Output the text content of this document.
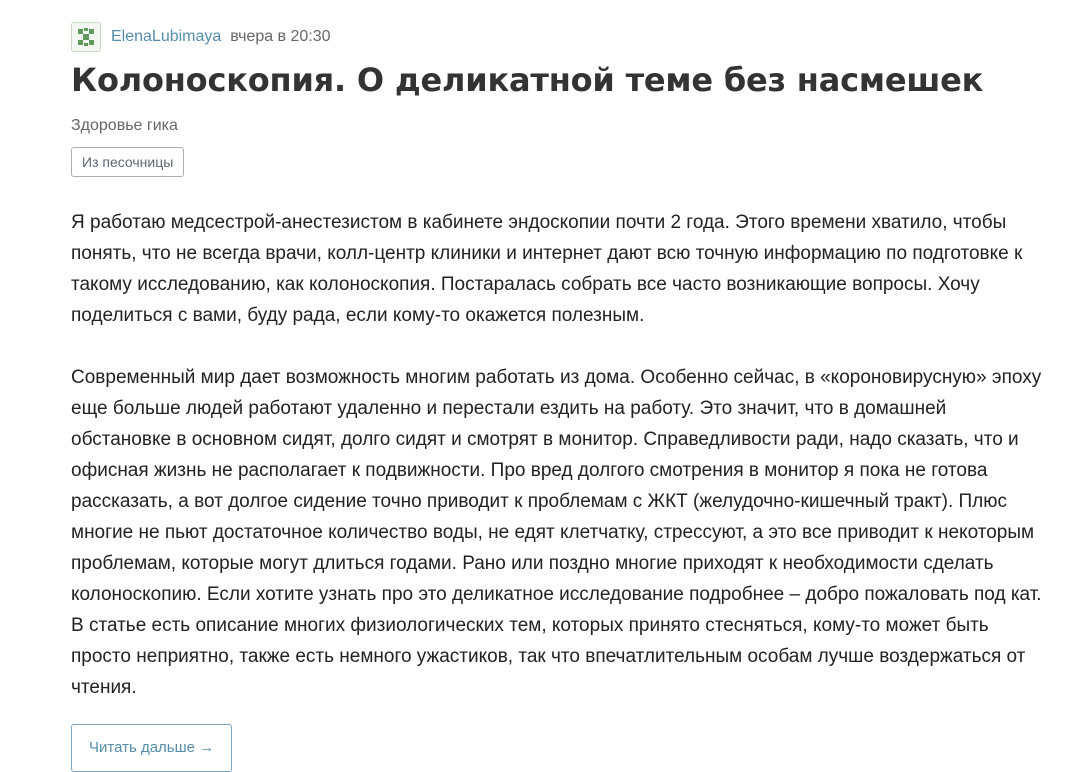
ElenaLubimaya вчера в 20:30
Колоноскопия. О деликатной теме без насмешек
Здоровье гика
Из песочницы

Я работаю медсестрой-анестезистом в кабинете эндоскопии почти 2 года. Этого времени хватило, чтобы понять, что не всегда врачи, колл-центр клиники и интернет дают всю точную информацию по подготовке к такому исследованию, как колоноскопия. Постаралась собрать все часто возникающие вопросы. Хочу поделиться с вами, буду рада, если кому-то окажется полезным.

Современный мир дает возможность многим работать из дома. Особенно сейчас, в «короновирусную» эпоху еще больше людей работают удаленно и перестали ездить на работу. Это значит, что в домашней обстановке в основном сидят, долго сидят и смотрят в монитор. Справедливости ради, надо сказать, что и офисная жизнь не располагает к подвижности. Про вред долгого смотрения в монитор я пока не готова рассказать, а вот долгое сидение точно приводит к проблемам с ЖКТ (желудочно-кишечный тракт). Плюс многие не пьют достаточное количество воды, не едят клетчатку, стрессуют, а это все приводит к некоторым проблемам, которые могут длиться годами. Рано или поздно многие приходят к необходимости сделать колоноскопию. Если хотите узнать про это деликатное исследование подробнее – добро пожаловать под кат. В статье есть описание многих физиологических тем, которых принято стесняться, кому-то может быть просто неприятно, также есть немного ужастиков, так что впечатлительным особам лучше воздержаться от чтения.

Читать дальше →
